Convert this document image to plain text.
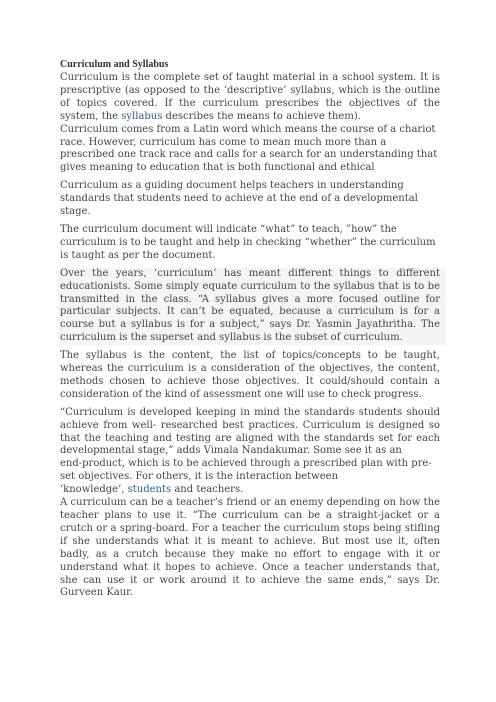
Curriculum and Syllabus

Curriculum is the complete set of taught material in a school system. It is prescriptive (as opposed to the ‘descriptive’ syllabus, which is the outline of topics covered. If the curriculum prescribes the objectives of the system, the syllabus describes the means to achieve them).

Curriculum comes from a Latin word which means the course of a chariot race. However, curriculum has come to mean much more than a prescribed one track race and calls for a search for an understanding that gives meaning to education that is both functional and ethical

Curriculum as a guiding document helps teachers in understanding standards that students need to achieve at the end of a developmental stage.

The curriculum document will indicate “what” to teach, ”how” the curriculum is to be taught and help in checking “whether” the curriculum is taught as per the document.

Over the years, ‘curriculum’ has meant different things to different educationists. Some simply equate curriculum to the syllabus that is to be transmitted in the class. “A syllabus gives a more focused outline for particular subjects. It can’t be equated, because a curriculum is for a course but a syllabus is for a subject,” says Dr. Yasmin Jayathritha. The curriculum is the superset and syllabus is the subset of curriculum.

The syllabus is the content, the list of topics/concepts to be taught, whereas the curriculum is a consideration of the objectives, the content, methods chosen to achieve those objectives. It could/should contain a consideration of the kind of assessment one will use to check progress.

“Curriculum is developed keeping in mind the standards students should achieve from well- researched best practices. Curriculum is designed so that the teaching and testing are aligned with the standards set for each developmental stage,” adds Vimala Nandakumar. Some see it as an

end-product, which is to be achieved through a prescribed plan with pre-set objectives. For others, it is the interaction between

‘knowledge’, students and teachers.

A curriculum can be a teacher’s friend or an enemy depending on how the teacher plans to use it. “The curriculum can be a straight-jacket or a crutch or a spring-board. For a teacher the curriculum stops being stifling if she understands what it is meant to achieve. But most use it, often badly, as a crutch because they make no effort to engage with it or understand what it hopes to achieve. Once a teacher understands that, she can use it or work around it to achieve the same ends,” says Dr. Gurveen Kaur.
